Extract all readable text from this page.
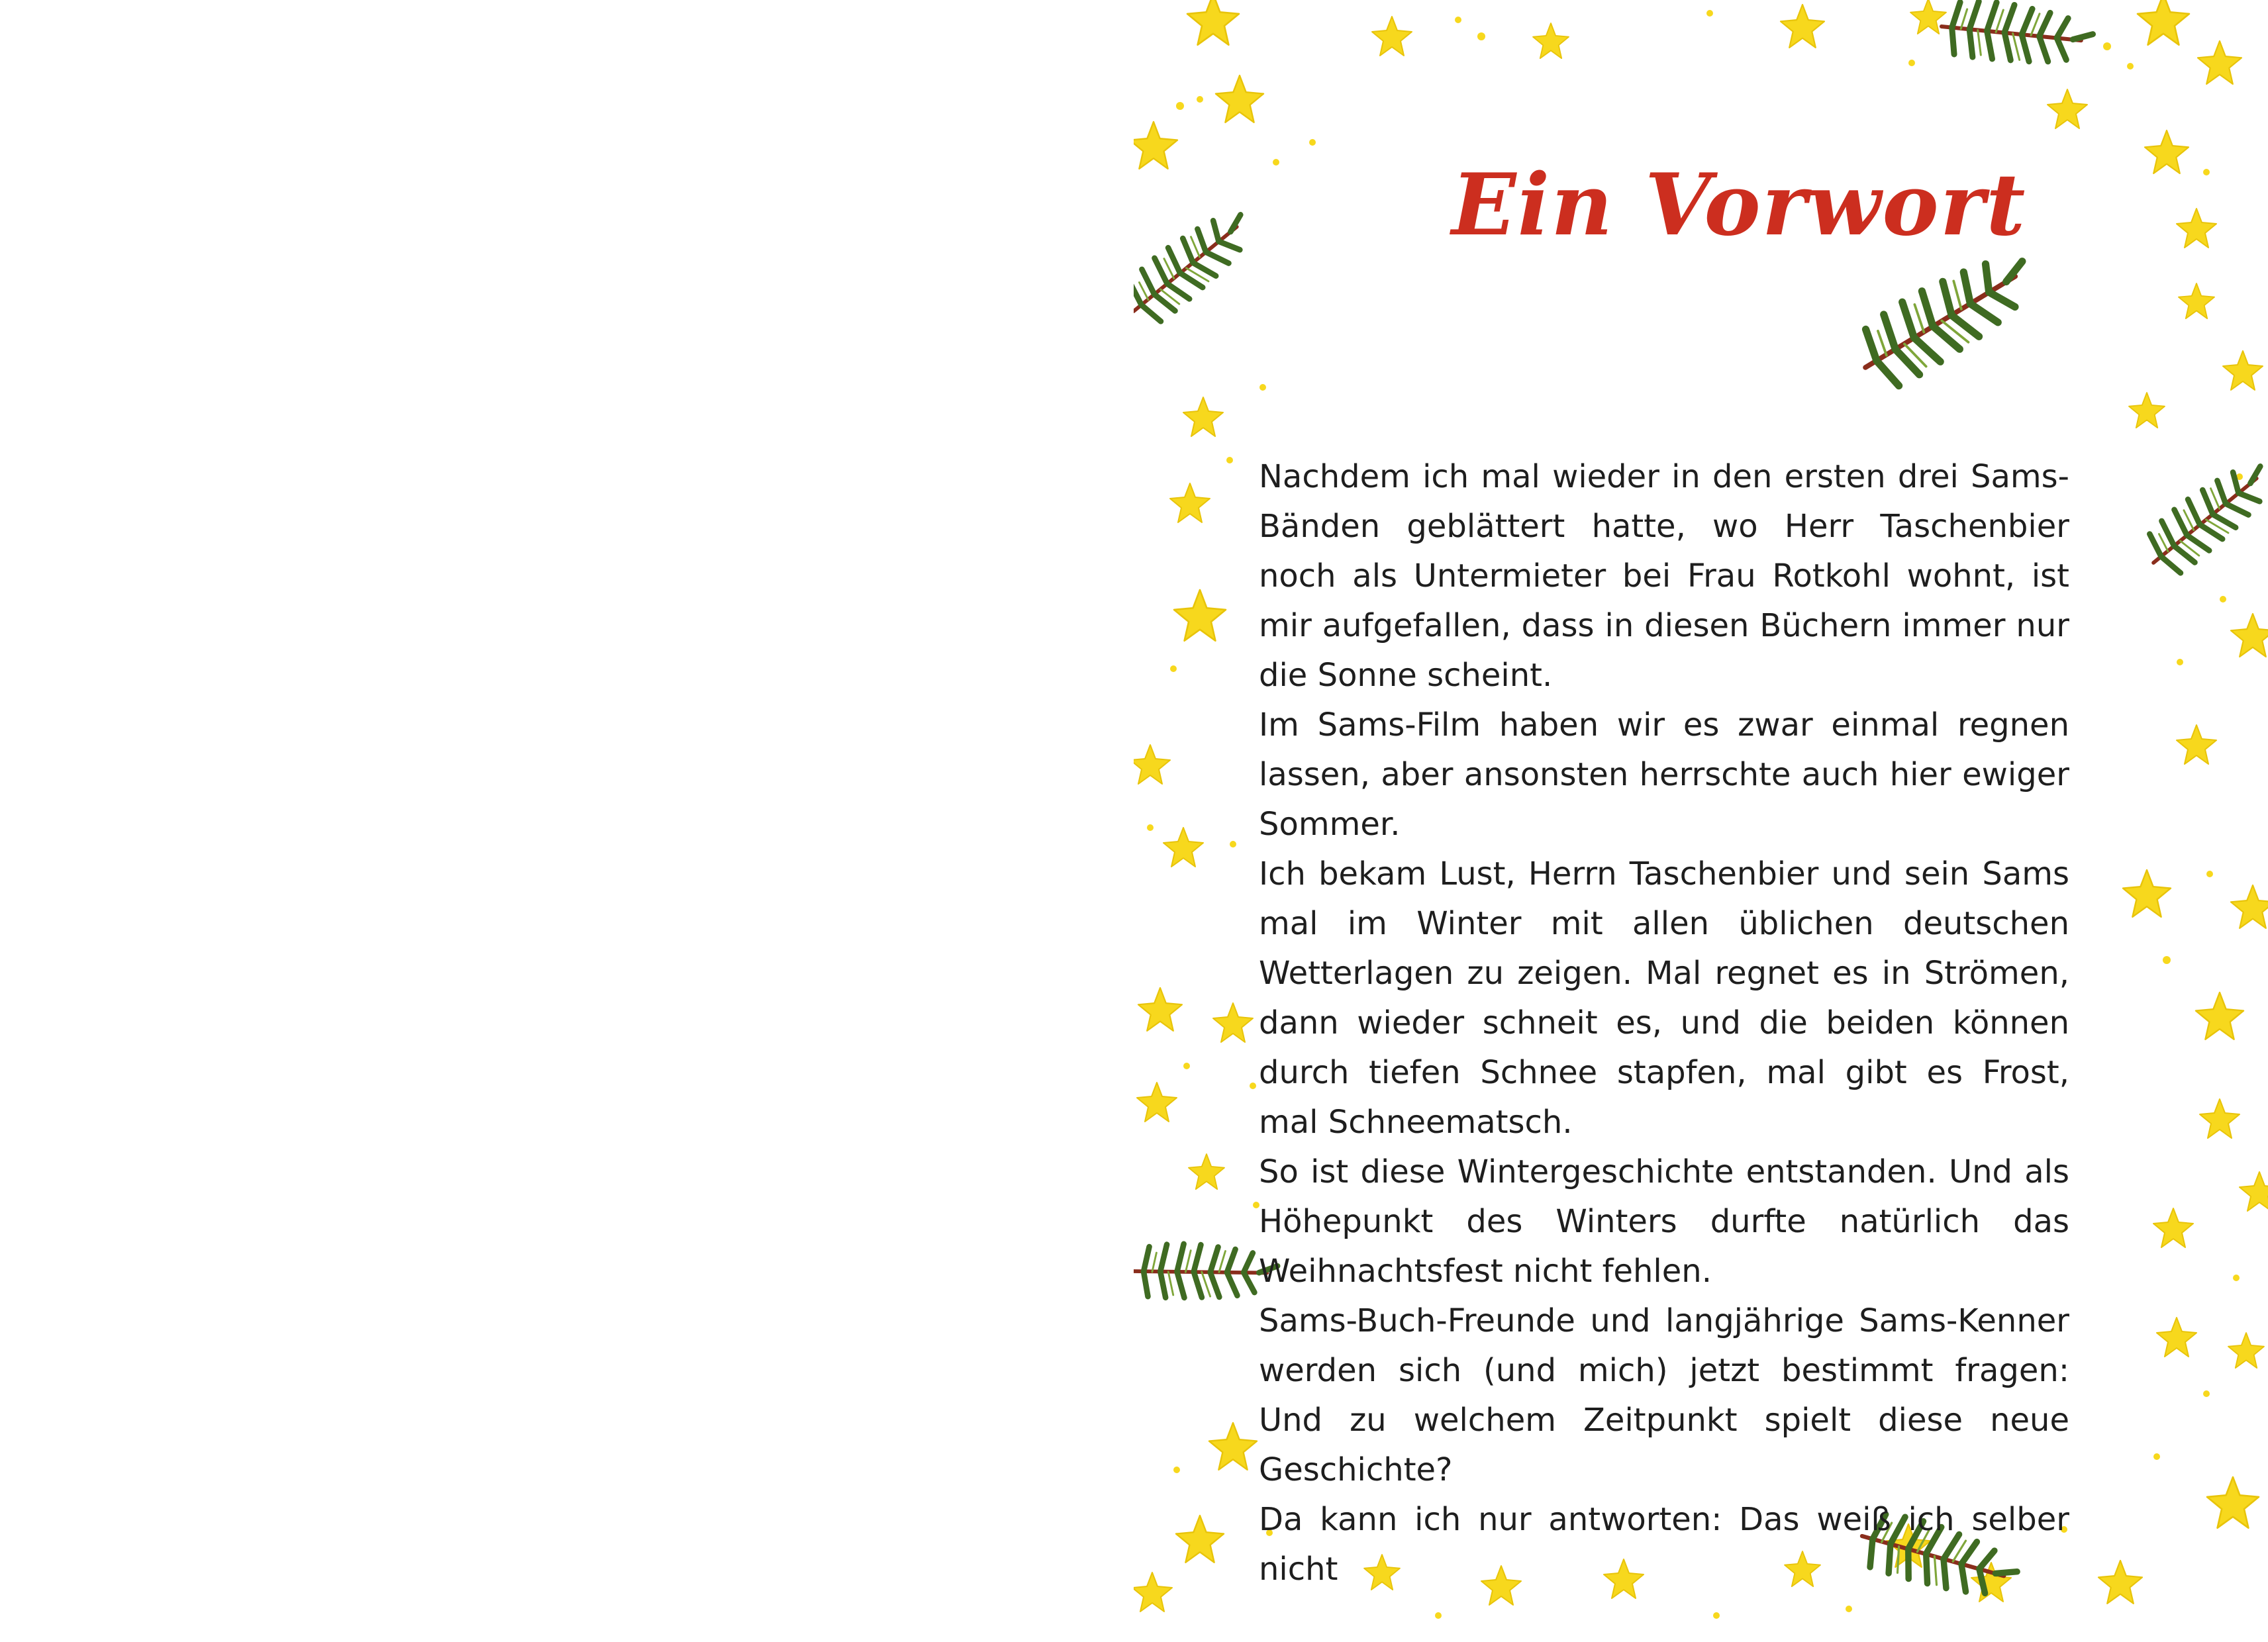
Ein Vorwort

Nachdem ich mal wieder in den ersten drei Sams-Bänden geblättert hatte, wo Herr Taschenbier noch als Untermieter bei Frau Rotkohl wohnt, ist mir aufgefallen, dass in diesen Büchern immer nur die Sonne scheint.

Im Sams-Film haben wir es zwar einmal regnen lassen, aber ansonsten herrschte auch hier ewiger Sommer.

Ich bekam Lust, Herrn Taschenbier und sein Sams mal im Winter mit allen üblichen deutschen Wetterlagen zu zeigen. Mal regnet es in Strömen, dann wieder schneit es, und die beiden können durch tiefen Schnee stapfen, mal gibt es Frost, mal Schneematsch.

So ist diese Wintergeschichte entstanden. Und als Höhepunkt des Winters durfte natürlich das Weihnachtsfest nicht fehlen.

Sams-Buch-Freunde und langjährige Sams-Kenner werden sich (und mich) jetzt bestimmt fragen: Und zu welchem Zeitpunkt spielt diese neue Geschichte?

Da kann ich nur antworten: Das weiß ich selber nicht
